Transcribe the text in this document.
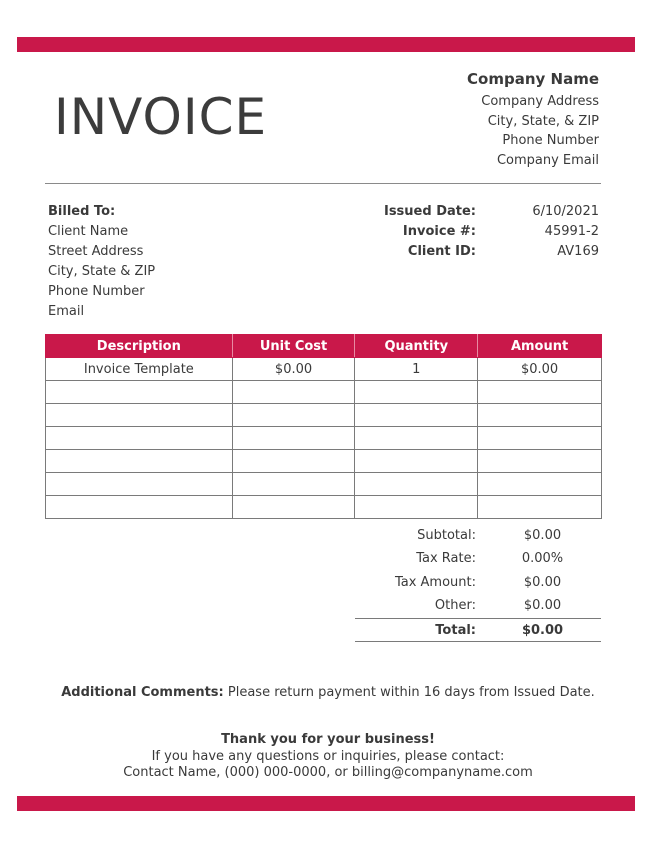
INVOICE
Company Name
Company Address
City, State, & ZIP
Phone Number
Company Email
Billed To:
Client Name
Street Address
City, State & ZIP
Phone Number
Email
Issued Date:	6/10/2021
Invoice #:	45991-2
Client ID:	AV169
Description	Unit Cost	Quantity	Amount
Invoice Template	$0.00	1	$0.00

Subtotal:	$0.00
Tax Rate:	0.00%
Tax Amount:	$0.00
Other:	$0.00
Total:	$0.00
Additional Comments: Please return payment within 16 days from Issued Date.
Thank you for your business!
If you have any questions or inquiries, please contact:
Contact Name, (000) 000-0000, or billing@companyname.com
